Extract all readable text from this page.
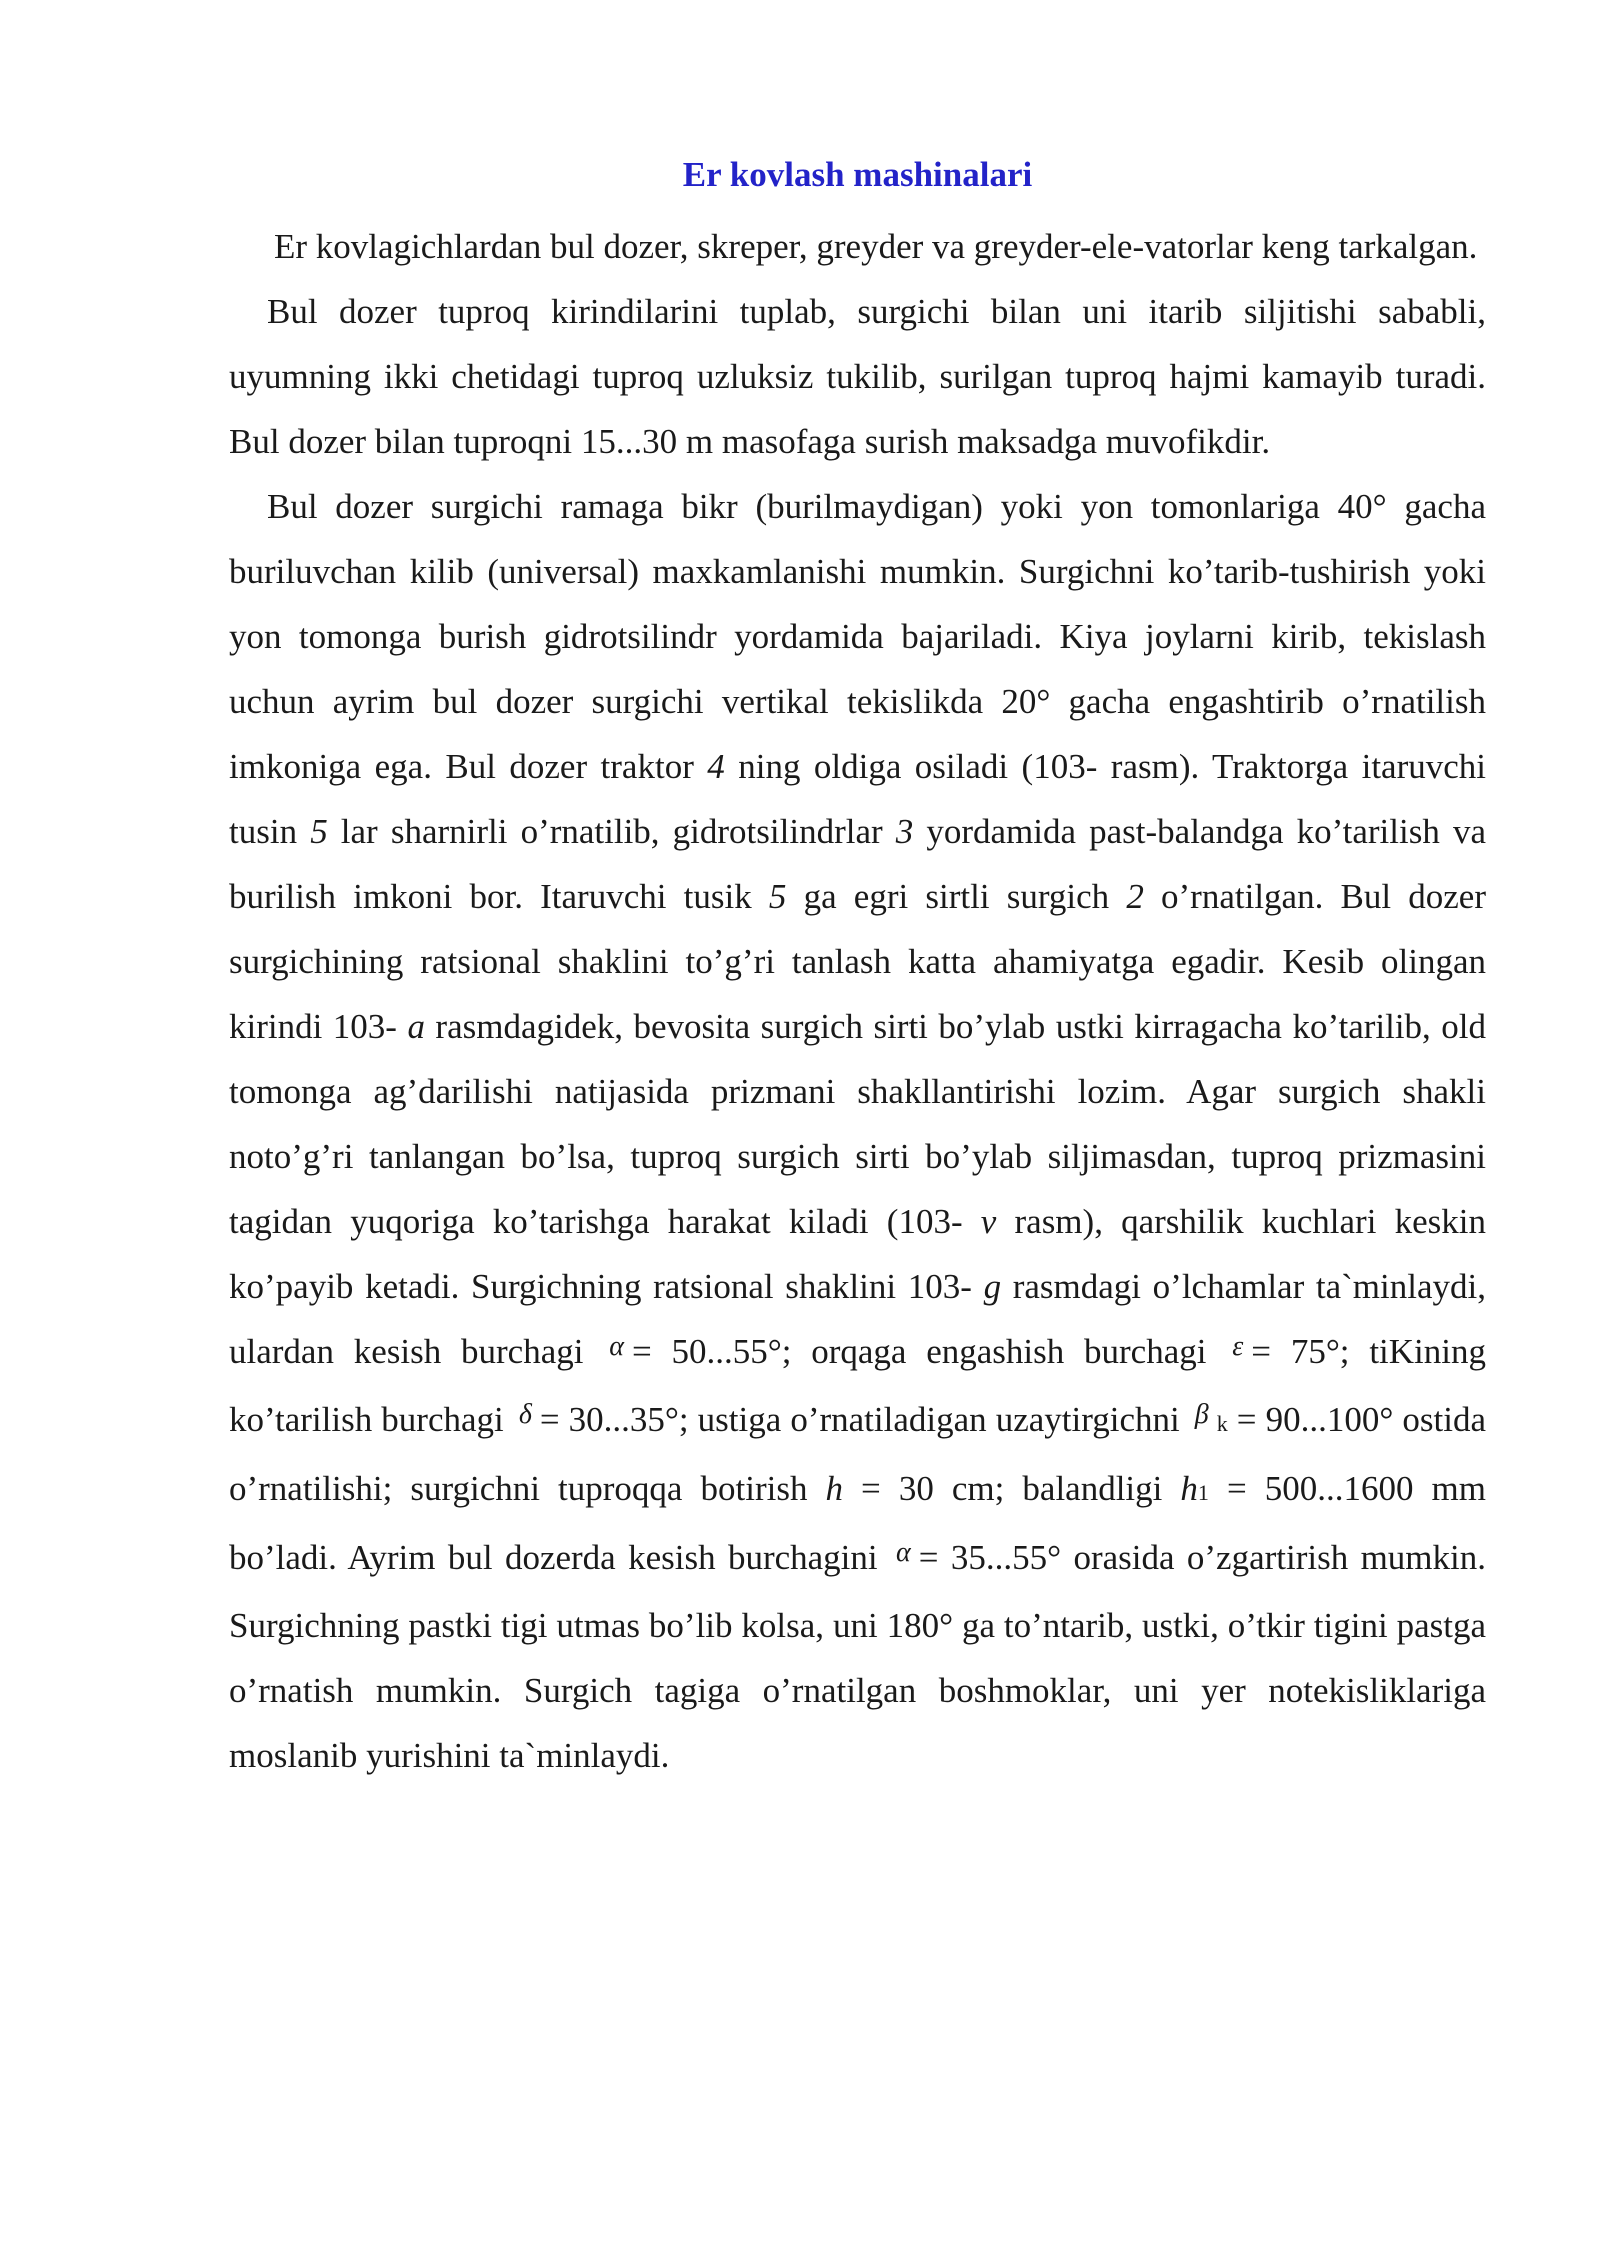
Er kovlash mashinalari

Er kovlagichlardan bul dozer, skreper, greyder va greyder-ele-vatorlar keng tarkalgan.

Bul dozer tuproq kirindilarini tuplab, surgichi bilan uni itarib siljitishi sababli, uyumning ikki chetidagi tuproq uzluksiz tukilib, surilgan tuproq hajmi kamayib turadi. Bul dozer bilan tuproqni 15...30 m masofaga surish maksadga muvofikdir.

Bul dozer surgichi ramaga bikr (burilmaydigan) yoki yon tomonlariga 40° gacha buriluvchan kilib (universal) maxkamlanishi mumkin. Surgichni ko’tarib-tushirish yoki yon tomonga burish gidrotsilindr yordamida bajariladi. Kiya joylarni kirib, tekislash uchun ayrim bul dozer surgichi vertikal tekislikda 20° gacha engashtirib o’rnatilish imkoniga ega. Bul dozer traktor 4 ning oldiga osiladi (103- rasm). Traktorga itaruvchi tusin 5 lar sharnirli o’rnatilib, gidrotsilindrlar 3 yordamida past-balandga ko’tarilish va burilish imkoni bor. Itaruvchi tusik 5 ga egri sirtli surgich 2 o’rnatilgan. Bul dozer surgichining ratsional shaklini to’g’ri tanlash katta ahamiyatga egadir. Kesib olingan kirindi 103- a rasmdagidek, bevosita surgich sirti bo’ylab ustki kirragacha ko’tarilib, old tomonga ag’darilishi natijasida prizmani shakllantirishi lozim. Agar surgich shakli noto’g’ri tanlangan bo’lsa, tuproq surgich sirti bo’ylab siljimasdan, tuproq prizmasini tagidan yuqoriga ko’tarishga harakat kiladi (103- v rasm), qarshilik kuchlari keskin ko’payib ketadi. Surgichning ratsional shaklini 103- g rasmdagi o’lchamlar ta`minlaydi, ulardan kesish burchagi $^\alpha$ = 50...55°; orqaga engashish burchagi $^\varepsilon$ = 75°; tiKining ko’tarilish burchagi $^\delta$ = 30...35°; ustiga o’rnatiladigan uzaytirgichni $^\beta$ k = 90...100° ostida o’rnatilishi; surgichni tuproqqa botirish h = 30 cm; balandligi h1 = 500...1600 mm bo’ladi. Ayrim bul dozerda kesish burchagini $^\alpha$ = 35...55° orasida o’zgartirish mumkin. Surgichning pastki tigi utmas bo’lib kolsa, uni 180° ga to’ntarib, ustki, o’tkir tigini pastga o’rnatish mumkin. Surgich tagiga o’rnatilgan boshmoklar, uni yer notekisliklariga moslanib yurishini ta`minlaydi.
